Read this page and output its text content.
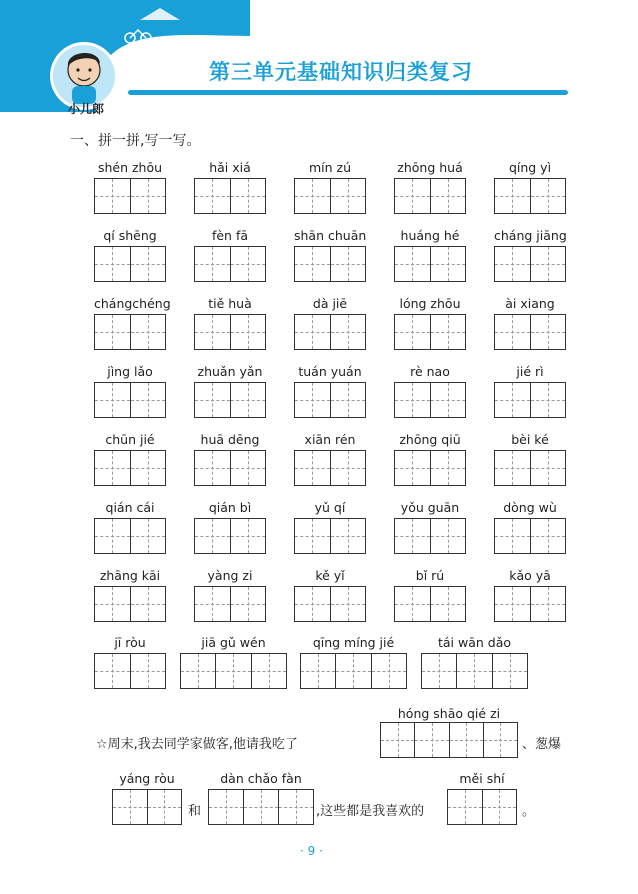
第三单元基础知识归类复习
小儿郎
一、拼一拼,写一写。
shén zhōu	hǎi xiá	mín zú	zhōng huá	qíng yì
qí shēng	fèn fā	shān chuān	huáng hé	cháng jiāng
chángchéng	tiě huà	dà jiē	lóng zhōu	ài xiang
jìng lǎo	zhuǎn yǎn	tuán yuán	rè nao	jié rì
chūn jié	huā dēng	xiān rén	zhōng qiū	bèi ké
qián cái	qián bì	yǔ qí	yǒu guān	dòng wù
zhāng kāi	yàng zi	kě yǐ	bǐ rú	kǎo yā
jī ròu	jiā gǔ wén	qīng míng jié	tái wān dǎo
hóng shāo qié zi
☆周末,我去同学家做客,他请我吃了	、葱爆
yáng ròu
和
dàn chǎo fàn
,这些都是我喜欢的
měi shí
。
· 9 ·
